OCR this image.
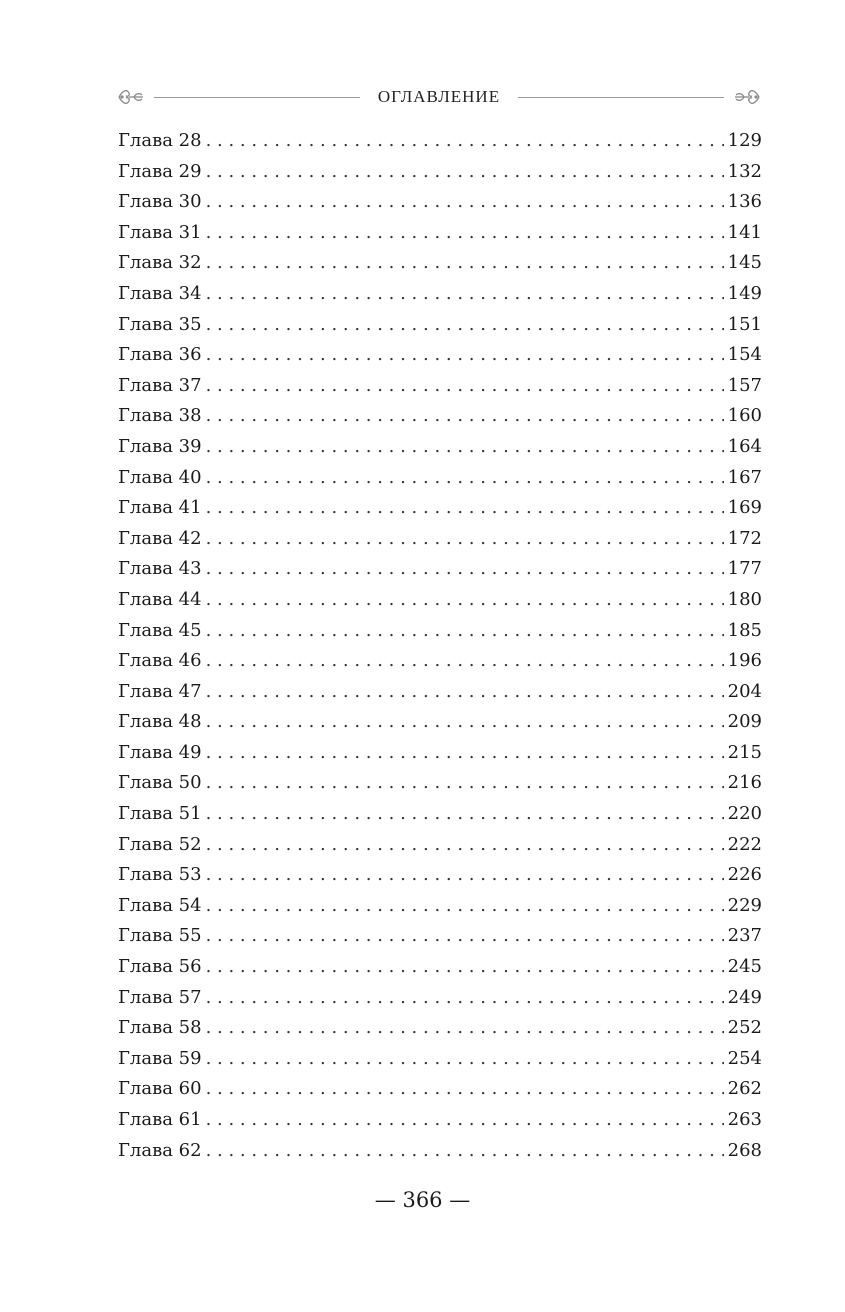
ОГЛАВЛЕНИЕ
Глава 28 . . .	129
Глава 29 . . .	132
Глава 30 . . .	136
Глава 31 . . .	141
Глава 32 . . .	145
Глава 34 . . .	149
Глава 35 . . .	151
Глава 36 . . .	154
Глава 37 . . .	157
Глава 38 . . .	160
Глава 39 . . .	164
Глава 40 . . .	167
Глава 41 . . .	169
Глава 42 . . .	172
Глава 43 . . .	177
Глава 44 . . .	180
Глава 45 . . .	185
Глава 46 . . .	196
Глава 47 . . .	204
Глава 48 . . .	209
Глава 49 . . .	215
Глава 50 . . .	216
Глава 51 . . .	220
Глава 52 . . .	222
Глава 53 . . .	226
Глава 54 . . .	229
Глава 55 . . .	237
Глава 56 . . .	245
Глава 57 . . .	249
Глава 58 . . .	252
Глава 59 . . .	254
Глава 60 . . .	262
Глава 61 . . .	263
Глава 62 . . .	268
— 366 —
